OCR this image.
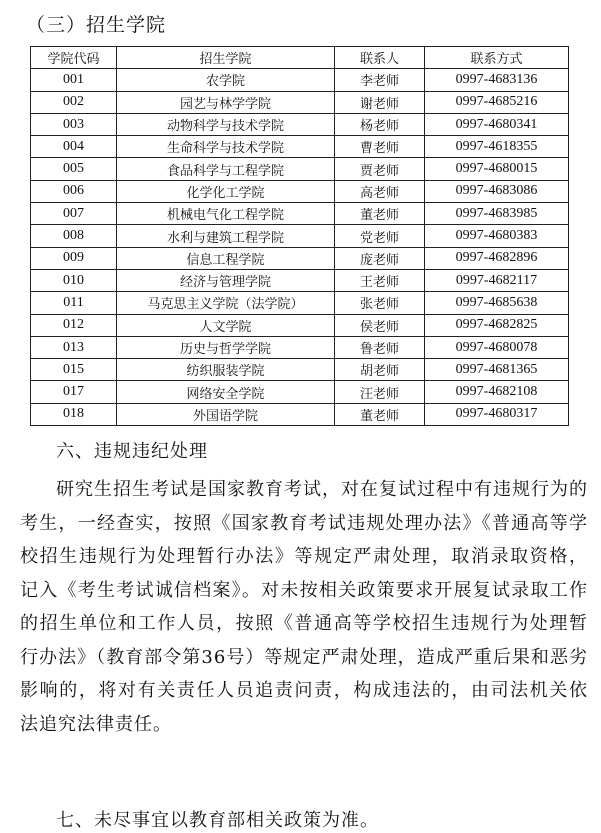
（三）招生学院
学院代码	招生学院	联系人	联系方式
001	农学院	李老师	0997-4683136
002	园艺与林学学院	谢老师	0997-4685216
003	动物科学与技术学院	杨老师	0997-4680341
004	生命科学与技术学院	曹老师	0997-4618355
005	食品科学与工程学院	贾老师	0997-4680015
006	化学化工学院	高老师	0997-4683086
007	机械电气化工程学院	董老师	0997-4683985
008	水利与建筑工程学院	党老师	0997-4680383
009	信息工程学院	庞老师	0997-4682896
010	经济与管理学院	王老师	0997-4682117
011	马克思主义学院（法学院）	张老师	0997-4685638
012	人文学院	侯老师	0997-4682825
013	历史与哲学学院	鲁老师	0997-4680078
015	纺织服装学院	胡老师	0997-4681365
017	网络安全学院	汪老师	0997-4682108
018	外国语学院	董老师	0997-4680317
六、违规违纪处理

研究生招生考试是国家教育考试，对在复试过程中有违规行为的考生，一经查实，按照《国家教育考试违规处理办法》《普通高等学校招生违规行为处理暂行办法》等规定严肃处理，取消录取资格，记入《考生考试诚信档案》。对未按相关政策要求开展复试录取工作的招生单位和工作人员，按照《普通高等学校招生违规行为处理暂行办法》（教育部令第36号）等规定严肃处理，造成严重后果和恶劣影响的，将对有关责任人员追责问责，构成违法的，由司法机关依法追究法律责任。

七、未尽事宜以教育部相关政策为准。
